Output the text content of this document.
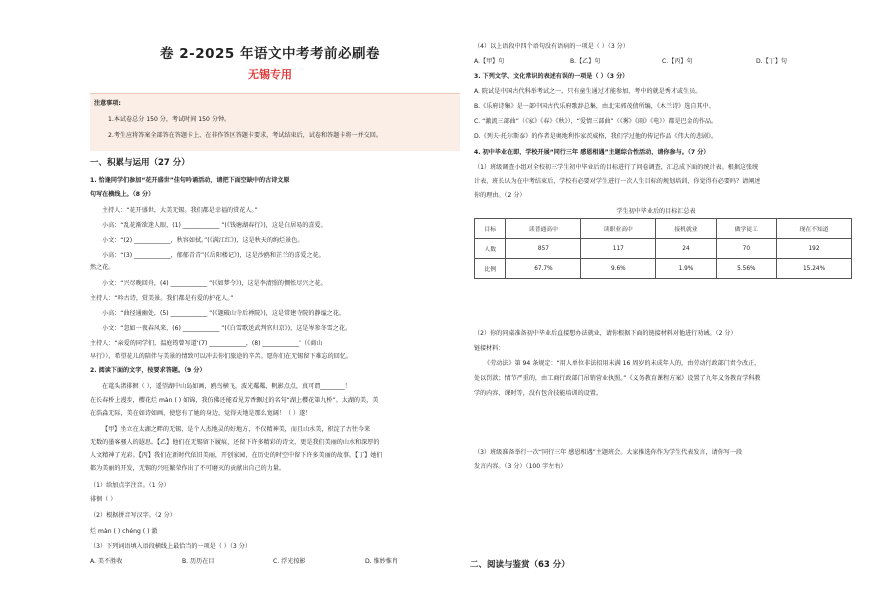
卷 2-2025 年语文中考考前必刷卷
无锡专用
注意事项:
1.本试卷总分 150 分，考试时间 150 分钟。
2.考生应将答案全部答在答题卡上，在非作答区答题卡要求，考试结束后，试卷和答题卡将一并交回。
一、积累与运用（27 分）
1. 恰逢同学们参加“花开盛世”佳句吟诵活动，请把下面空缺中的古诗文原
句写在横线上。（8 分）
主持人：“花开盛世，大美无锡。我们都是幸福的赏花人。”
小高：“乱花渐欲迷人眼，(1) ____________ ”(《钱塘湖春行》)，这是白居易的喜爱。
小文：“(2) ____________，秋容如拭。”(《满江红》)，这是秋天的绚烂景色。
小高：“(3) ____________，郁郁青青”(《岳阳楼记》)，这是沙鸥和芷兰的喜爱之花。
然之花。
小文：“兴尽晚回舟，(4) ____________ ”(《如梦令》)，这是李清照的惆怅尽兴之花。
主持人：“吟古诗，赏美景。我们都是有爱的护花人。”
小高：“曲径通幽处，(5) ____________ ”(《题破山寺后禅院》)，这是常建寺院的静谧之花。
小文：“忽如一夜春风来，(6) ____________ ”(《白雪歌送武判官归京》)，这是岑参冬雪之花。
主持人：“亲爱的同学们，温庭筠曾写道‘(7) ____________，(8) ____________’（《商山
早行》），希望花儿的陪伴与美景的情致可以冲去你们旅途的辛苦。愿你们在无锡留下难忘的回忆。
2. 阅读下面的文字，按要求答题。（9 分）
在鼋头渚徘徊（ ），遥望湖中山岛如画，鸥鸟横飞，波光粼粼，帆影点点，真可谓________！
在长春桥上漫步，樱花烂 màn ( ) 如锦，我仿佛还能看见芳香飘过的名句“湖上樱花第九桥”。太湖的美，美
在浩淼无际，美在如诗如画，使您有了她的身边，觉得天地是那么宽阔！（ ）遂！
【甲】坐立在太湖之畔的无锡，是个人杰地灵的好地方，不仅精神美，而且山水美，积淀了古往今来
无数的墨客骚人的遐思。【乙】他们在无锡留下履痕，还留下许多精彩的诗文，更是我们美丽的山水和深厚的
人文精神了光彩。【丙】我们在新时代依旧美丽，开创家园，在历史的时空中留下许多美丽的故事。【丁】她们
都为美丽的开发，无锡的兴旺繁荣作出了不可磨灭的贡献出自己的力量。
（1）给加点字注音。（1 分）
徘徊（ ）
（2）根据拼音写汉字。（2 分）
烂 màn ( ) chéng ( ) 澈
（3）下列词语填入语段横线上最恰当的一项是（ ）（3 分）
A. 美不胜收	B. 历历在目	C. 浮光掠影	D. 惟妙惟肖
（4）以上语段中四个语句没有语病的一项是（ ）（3 分）
A.【甲】句	B.【乙】句	C.【丙】句	D.【丁】句
3. 下列文学、文化常识的表述有误的一项是（ ）（3 分）
A. 院试是中国古代科举考试之一，只有童生通过才能参加，考中的就是秀才或生员。
B.《乐府诗集》是一部中国古代乐府歌辞总集，由北宋郭茂倩所编，《木兰诗》选自其中。
C. “激流三部曲”（《家》《春》《秋》），“爱情三部曲”（《雾》《雨》《电》）都是巴金的作品。
D.《列夫·托尔斯泰》的作者是奥地利作家茨威格，我们学过他的传记作品《伟大的悲剧》。
4. 初中毕业在即，学校开展“同行三年 感恩相遇”主题综合性活动，请你参与。（7 分）
（1）班级调查小组对全校初三学生初中毕业后的目标进行了问卷调查，汇总成下面的统计表。根据这张统
计表，班长认为在中考结束后，学校有必要对学生进行一次人生目标的规划培训，你觉得有必要吗？请阐述
你的理由。（2 分）
学生初中毕业后的目标汇总表
目标	读普通高中	读职业高中	接机就业	做学徒工	现在不知道
人数	857	117	24	70	192
比例	67.7%	9.6%	1.9%	5.56%	15.24%
（2）你的同桌准备初中毕业后直接想办法就业，请你根据下面的链接材料对他进行劝诫。（2 分）
链接材料：
《劳动法》第 94 条规定：“用人单位非法招用未满 16 周岁的未成年人的，由劳动行政部门责令改正，
处以罚款；情节严重的，由工商行政部门吊销营业执照。”《义务教育课程方案》设置了九年义务教育学科教
学的内容、课时等，没有包含技能培训的设置。
（3）班级准备举行一次“同行三年 感恩相遇”主题班会。大家推选你作为学生代表发言，请你写一段
发言内容。（3 分）（100 字左右）
二、阅读与鉴赏（63 分）
